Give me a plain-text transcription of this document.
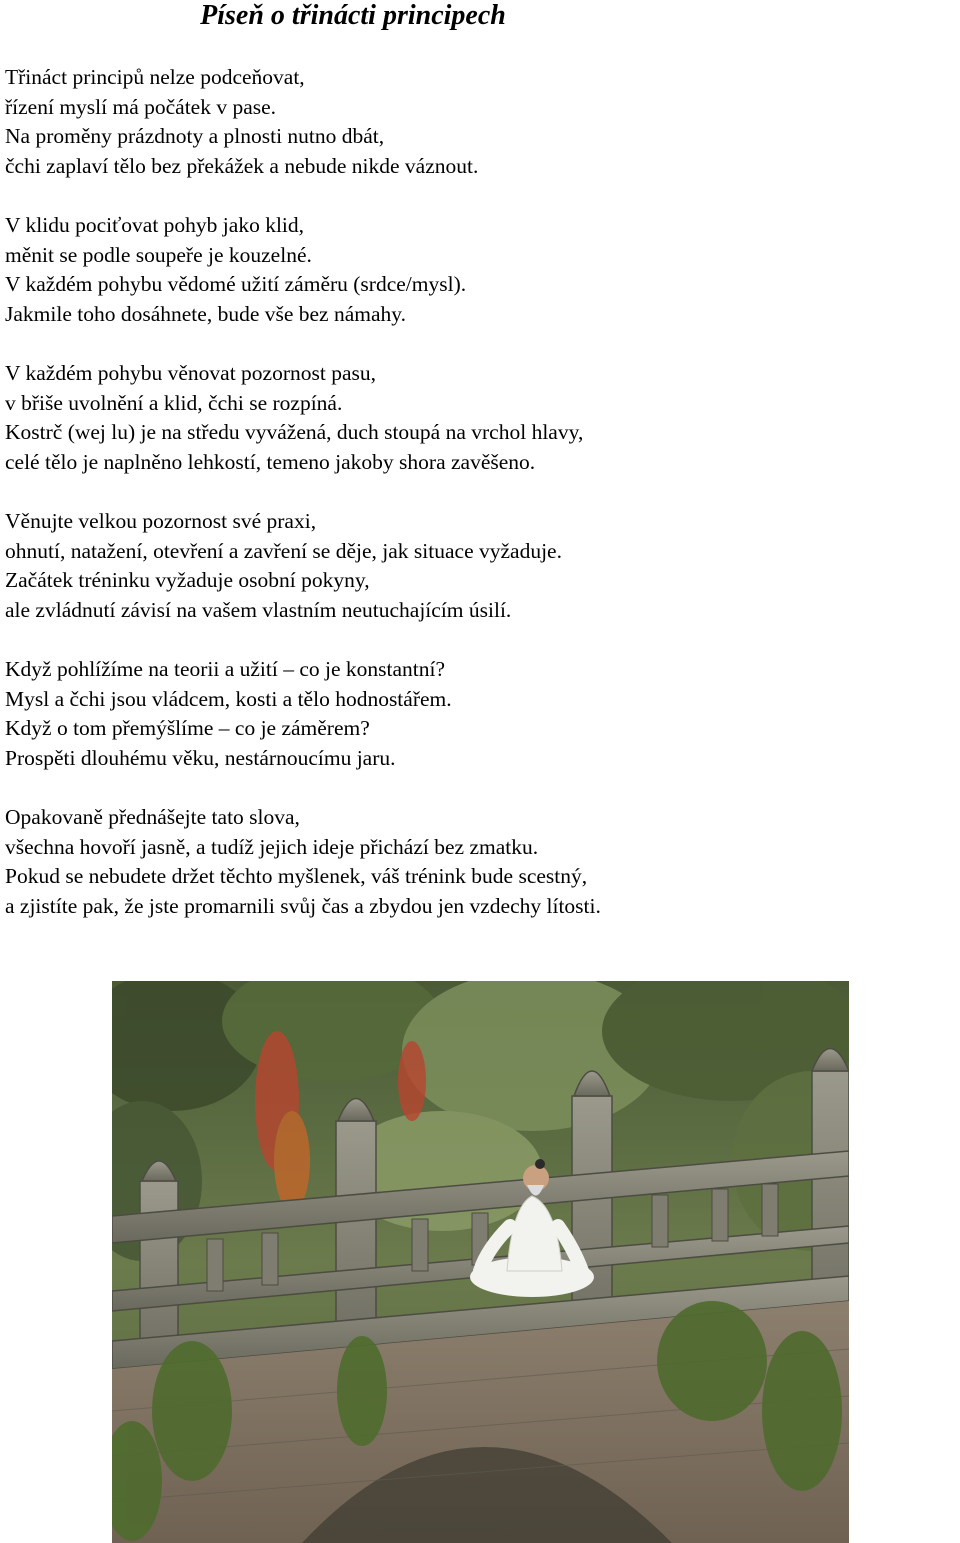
Píseň o třinácti principech
Třináct principů nelze podceňovat,
řízení myslí má počátek v pase.
Na proměny prázdnoty a plnosti nutno dbát,
čchi zaplaví tělo bez překážek a nebude nikde váznout.
V klidu pociťovat pohyb jako klid,
měnit se podle soupeře je kouzelné.
V každém pohybu vědomé užití záměru (srdce/mysl).
Jakmile toho dosáhnete, bude vše bez námahy.
V každém pohybu věnovat pozornost pasu,
v břiše uvolnění a klid, čchi se rozpíná.
Kostrč (wej lu) je na středu vyvážená, duch stoupá na vrchol hlavy,
celé tělo je naplněno lehkostí, temeno jakoby shora zavěšeno.
Věnujte velkou pozornost své praxi,
ohnutí, natažení, otevření a zavření se děje, jak situace vyžaduje.
Začátek tréninku vyžaduje osobní pokyny,
ale zvládnutí závisí na vašem vlastním neutuchajícím úsilí.
Když pohlížíme na teorii a užití – co je konstantní?
Mysl a čchi jsou vládcem, kosti a tělo hodnostářem.
Když o tom přemýšlíme – co je záměrem?
Prospěti dlouhému věku, nestárnoucímu jaru.
Opakovaně přednášejte tato slova,
všechna hovoří jasně, a tudíž jejich ideje přichází bez zmatku.
Pokud se nebudete držet těchto myšlenek, váš trénink bude scestný,
a zjistíte pak, že jste promarnili svůj čas a zbydou jen vzdechy lítosti.
